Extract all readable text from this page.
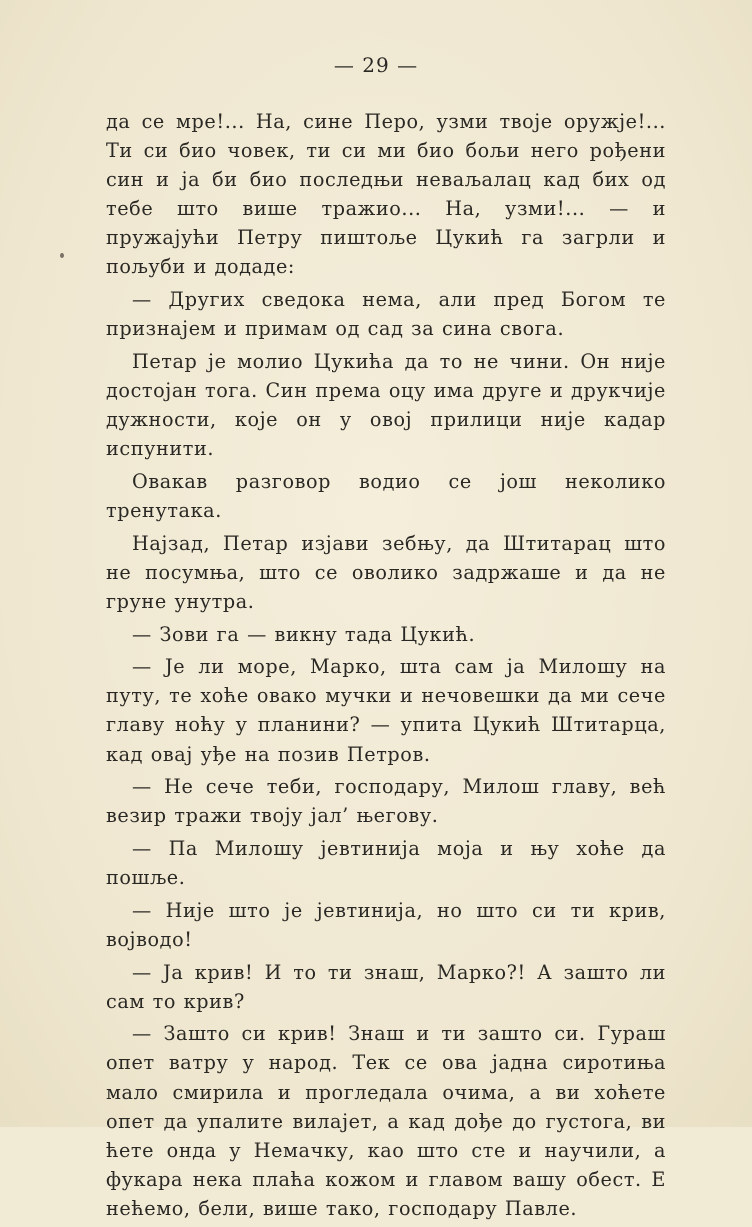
— 29 —

да се мре!... На, сине Перо, узми твоје оружје!... Ти си био човек, ти си ми био бољи него рођени син и ја би био последњи неваљалац кад бих од тебе што више тражио... На, узми!... — и пружајући Петру пиштоље Цукић га загрли и пољуби и додаде:

— Других сведока нема, али пред Богом те признајем и примам од сад за сина свога.

Петар је молио Цукића да то не чини. Он није достојан тога. Син према оцу има друге и друкчије дужности, које он у овој прилици није кадар испунити.

Овакав разговор водио се још неколико тренутака.

Најзад, Петар изјави зебњу, да Штитарац што не посумња, што се оволико задржаше и да не груне унутра.

— Зови га — викну тада Цукић.

— Је ли море, Марко, шта сам ја Милошу на путу, те хоће овако мучки и нечовешки да ми сече главу ноћу у планини? — упита Цукић Штитарца, кад овај уђе на позив Петров.

— Не сече теби, господару, Милош главу, већ везир тражи твоју јал’ његову.

— Па Милошу јевтинија моја и њу хоће да пошље.

— Није што је јевтинија, но што си ти крив, војводо!

— Ја крив! И то ти знаш, Марко?! А зашто ли сам то крив?

— Зашто си крив! Знаш и ти зашто си. Гураш опет ватру у народ. Тек се ова јадна сиротиња мало смирила и прогледала очима, а ви хоћете опет да упалите вилајет, а кад дође до густога, ви ћете онда у Немачку, као што сте и научили, а фукара нека плаћа кожом и главом вашу обест. Е нећемо, бели, више тако, господару Павле.
